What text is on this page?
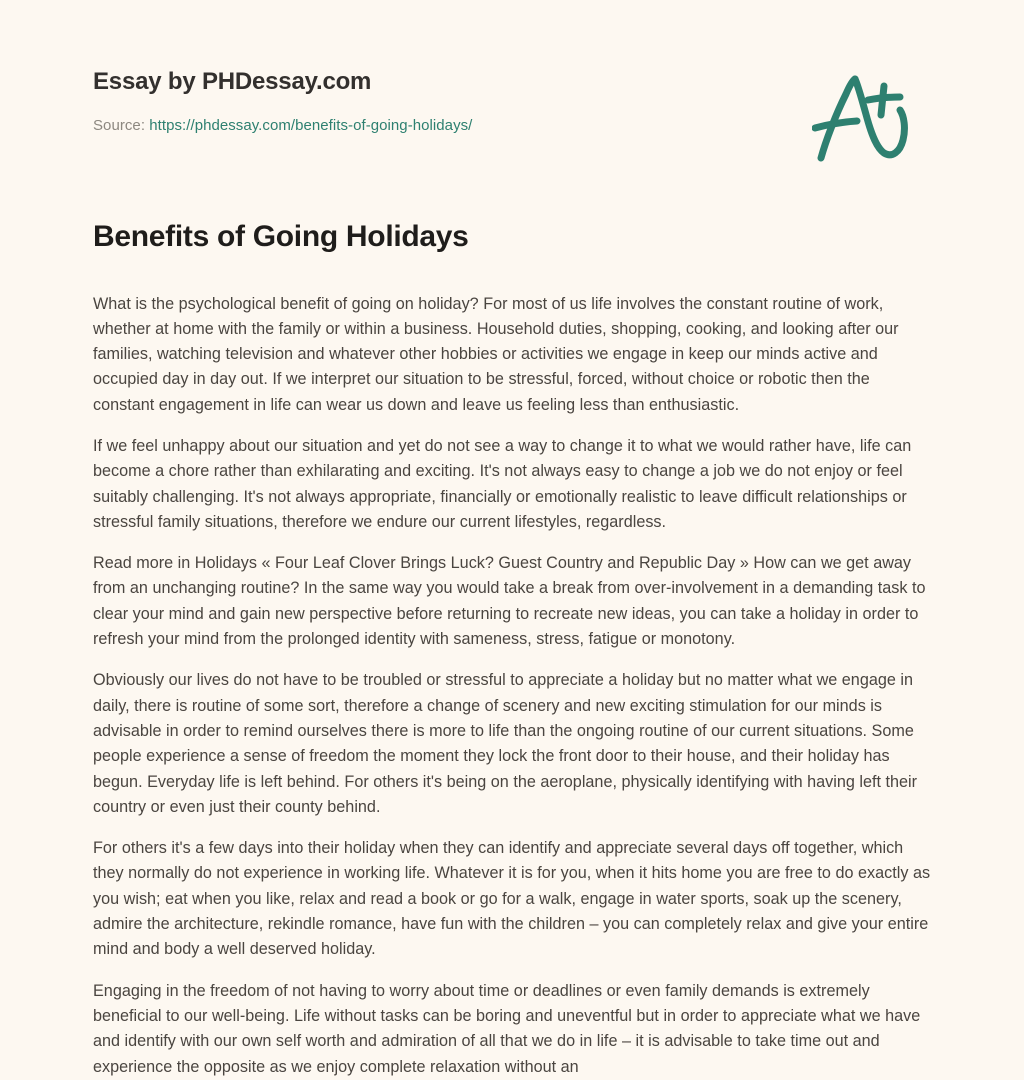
Essay by PHDessay.com
Source: https://phdessay.com/benefits-of-going-holidays/
Benefits of Going Holidays

What is the psychological benefit of going on holiday? For most of us life involves the constant routine of work, whether at home with the family or within a business. Household duties, shopping, cooking, and looking after our families, watching television and whatever other hobbies or activities we engage in keep our minds active and occupied day in day out. If we interpret our situation to be stressful, forced, without choice or robotic then the constant engagement in life can wear us down and leave us feeling less than enthusiastic.

If we feel unhappy about our situation and yet do not see a way to change it to what we would rather have, life can become a chore rather than exhilarating and exciting. It's not always easy to change a job we do not enjoy or feel suitably challenging. It's not always appropriate, financially or emotionally realistic to leave difficult relationships or stressful family situations, therefore we endure our current lifestyles, regardless.

Read more in Holidays « Four Leaf Clover Brings Luck? Guest Country and Republic Day » How can we get away from an unchanging routine? In the same way you would take a break from over-involvement in a demanding task to clear your mind and gain new perspective before returning to recreate new ideas, you can take a holiday in order to refresh your mind from the prolonged identity with sameness, stress, fatigue or monotony.

Obviously our lives do not have to be troubled or stressful to appreciate a holiday but no matter what we engage in daily, there is routine of some sort, therefore a change of scenery and new exciting stimulation for our minds is advisable in order to remind ourselves there is more to life than the ongoing routine of our current situations. Some people experience a sense of freedom the moment they lock the front door to their house, and their holiday has begun. Everyday life is left behind. For others it's being on the aeroplane, physically identifying with having left their country or even just their county behind.

For others it's a few days into their holiday when they can identify and appreciate several days off together, which they normally do not experience in working life. Whatever it is for you, when it hits home you are free to do exactly as you wish; eat when you like, relax and read a book or go for a walk, engage in water sports, soak up the scenery, admire the architecture, rekindle romance, have fun with the children – you can completely relax and give your entire mind and body a well deserved holiday.

Engaging in the freedom of not having to worry about time or deadlines or even family demands is extremely beneficial to our well-being. Life without tasks can be boring and uneventful but in order to appreciate what we have and identify with our own self worth and admiration of all that we do in life – it is advisable to take time out and experience the opposite as we enjoy complete relaxation without an
